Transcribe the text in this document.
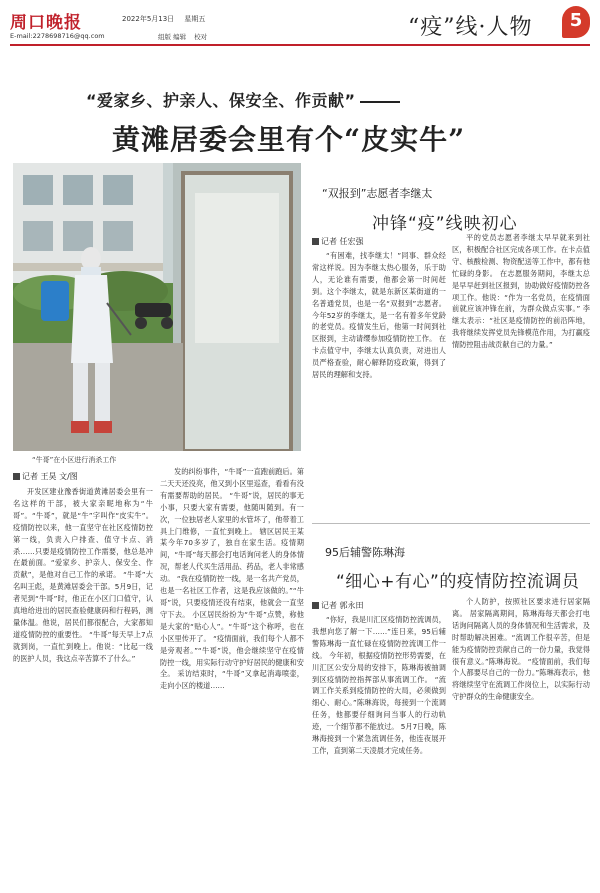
周口晚报	2022年5月13日 星期五
E-mail:2278698716@qq.com	组版 编辑 校对	“疫”线·人物	5
“爱家乡、护亲人、保安全、作贡献”
黄滩居委会里有个“皮实牛”
“牛哥”在小区进行消杀工作
记者 王昊 文/图

开发区建业豫香街道黄滩居委会里有一名这样的干部，被大家亲昵地称为“牛哥”。“牛哥”，就是“牛”字叫作“皮实牛”。 疫情防控以来，他一直坚守在社区疫情防控第一线，负责入户排查、值守卡点、消杀……只要是疫情防控工作需要，他总是冲在最前面。“爱家乡、护亲人、保安全、作贡献”，是他对自己工作的承诺。 “牛哥”大名叫王彪，是黄滩居委会干部。5月9日，记者见到“牛哥”时，他正在小区门口值守，认真地给进出的居民查验健康码和行程码，测量体温。他说，居民们都很配合，大家都知道疫情防控的重要性。 “牛哥”每天早上7点就到岗，一直忙到晚上。他说：“比起一线的医护人员，我这点辛苦算不了什么。”

发的纠纷事件，“牛哥”一直跑前跑后。第二天天还没亮，他又到小区里巡查，看看有没有需要帮助的居民。 “牛哥”说，居民的事无小事，只要大家有需要，他随叫随到。有一次，一位独居老人家里的水管坏了，他带着工具上门维修，一直忙到晚上。 辖区居民王某某今年70多岁了，独自在家生活。疫情期间，“牛哥”每天都会打电话询问老人的身体情况，帮老人代买生活用品、药品，老人非常感动。 “我在疫情防控一线，是一名共产党员，也是一名社区工作者，这是我应该做的。”“牛哥”说，只要疫情还没有结束，他就会一直坚守下去。 小区居民纷纷为“牛哥”点赞，称他是大家的“贴心人”。“牛哥”这个称呼，也在小区里传开了。 “疫情面前，我们每个人都不是旁观者。”“牛哥”说，他会继续坚守在疫情防控一线，用实际行动守护好居民的健康和安全。 采访结束时，“牛哥”又拿起消毒喷壶，走向小区的楼道……

“双报到”志愿者李继太
冲锋“疫”线映初心
记者 任宏强

“有困难，找李继太！”同事、群众经常这样说。因为李继太热心服务，乐于助人，无论谁有需要，他都会第一时间赶到。这个李继太，就是东新区某街道的一名普通党员，也是一名“双报到”志愿者。 今年52岁的李继太，是一名有着多年党龄的老党员。疫情发生后，他第一时间到社区报到，主动请缨参加疫情防控工作。 在卡点值守中，李继太认真负责，对进出人员严格查验，耐心解释防疫政策，得到了居民的理解和支持。

平的党员志愿者李继太早早就来到社区，积极配合社区完成各项工作。在卡点值守、核酸检测、物资配送等工作中，都有他忙碌的身影。 在志愿服务期间，李继太总是早早赶到社区报到，协助做好疫情防控各项工作。他说：“作为一名党员，在疫情面前就应该冲锋在前，为群众做点实事。” 李继太表示：“社区是疫情防控的前沿阵地，我将继续发挥党员先锋模范作用，为打赢疫情防控阻击战贡献自己的力量。”

95后辅警陈琳海
“细心+有心”的疫情防控流调员
记者 郭永田

“你好，我是川汇区疫情防控流调员，我想向您了解一下……”连日来，95后辅警陈琳海一直忙碌在疫情防控流调工作一线。 今年初，根据疫情防控形势需要，在川汇区公安分局的安排下，陈琳海被抽调到区疫情防控指挥部从事流调工作。 “流调工作关系到疫情防控的大局，必须做到细心、耐心。”陈琳海说，每接到一个流调任务，他都要仔细询问当事人的行动轨迹，一个细节都不能放过。 5月7日晚，陈琳海接到一个紧急流调任务，他连夜展开工作，直到第二天凌晨才完成任务。

个人防护，按照社区要求进行居家隔离。 居家隔离期间，陈琳海每天都会打电话询问隔离人员的身体情况和生活需求，及时帮助解决困难。“流调工作很辛苦，但是能为疫情防控贡献自己的一份力量，我觉得很有意义。”陈琳海说。 “疫情面前，我们每个人都要尽自己的一份力。”陈琳海表示，他将继续坚守在流调工作岗位上，以实际行动守护群众的生命健康安全。
